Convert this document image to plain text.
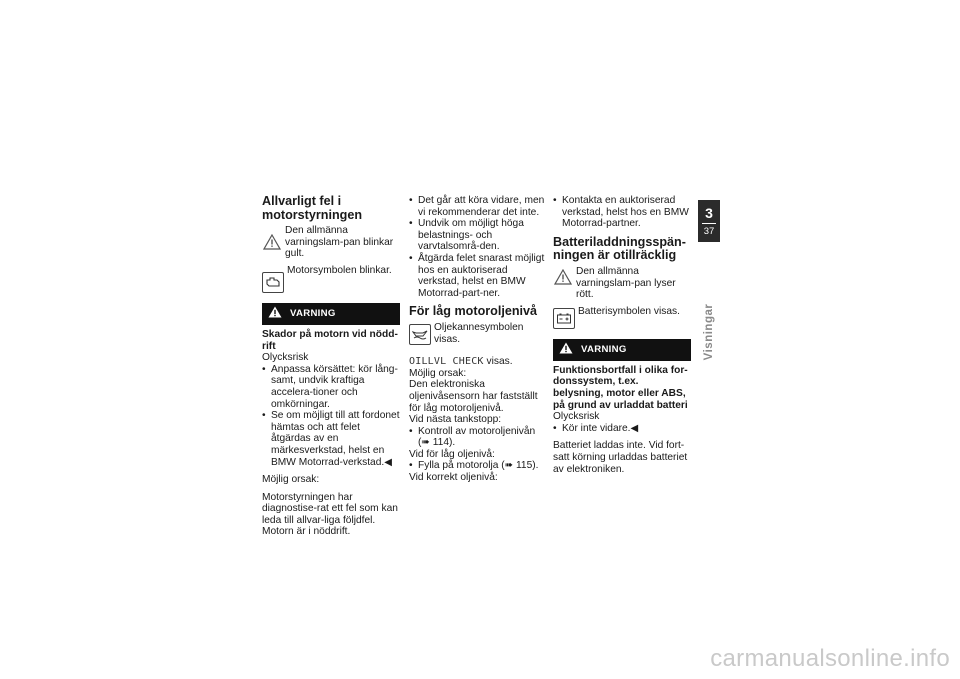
Allvarligt fel i motorstyrningen
Den allmänna varningslam-pan blinkar gult.
Motorsymbolen blinkar.
VARNING

Skador på motorn vid nödd-rift

Olycksrisk

• Anpassa körsättet: kör lång-samt, undvik kraftiga accelera-tioner och omkörningar.
• Se om möjligt till att fordonet hämtas och att felet åtgärdas av en märkesverkstad, helst en BMW Motorrad-verkstad.◀

Möjlig orsak:

Motorstyrningen har diagnostise-rat ett fel som kan leda till allvar-liga följdfel. Motorn är i nöddrift.

• Det går att köra vidare, men vi rekommenderar det inte.
• Undvik om möjligt höga belastnings- och varvtalsområ-den.
• Åtgärda felet snarast möjligt hos en auktoriserad verkstad, helst en BMW Motorrad-part-ner.
För låg motoroljenivå
Oljekannesymbolen visas.

OILLVL CHECK visas.

Möjlig orsak:

Den elektroniska oljenivåsensorn har fastställt för låg motoroljenivå.

Vid nästa tankstopp:

• Kontroll av motoroljenivån (➠ 114).

Vid för låg oljenivå:

• Fylla på motorolja (➠ 115).

Vid korrekt oljenivå:

• Kontakta en auktoriserad verkstad, helst hos en BMW Motorrad-partner.
Batteriladdningsspän-ningen är otillräcklig
Den allmänna varningslam-pan lyser rött.
Batterisymbolen visas.
VARNING

Funktionsbortfall i olika for-donssystem, t.ex. belysning, motor eller ABS, på grund av urladdat batteri

Olycksrisk

• Kör inte vidare.◀

Batteriet laddas inte. Vid fort-satt körning urladdas batteriet av elektroniken.

3
37
Visningar
carmanualsonline.info
